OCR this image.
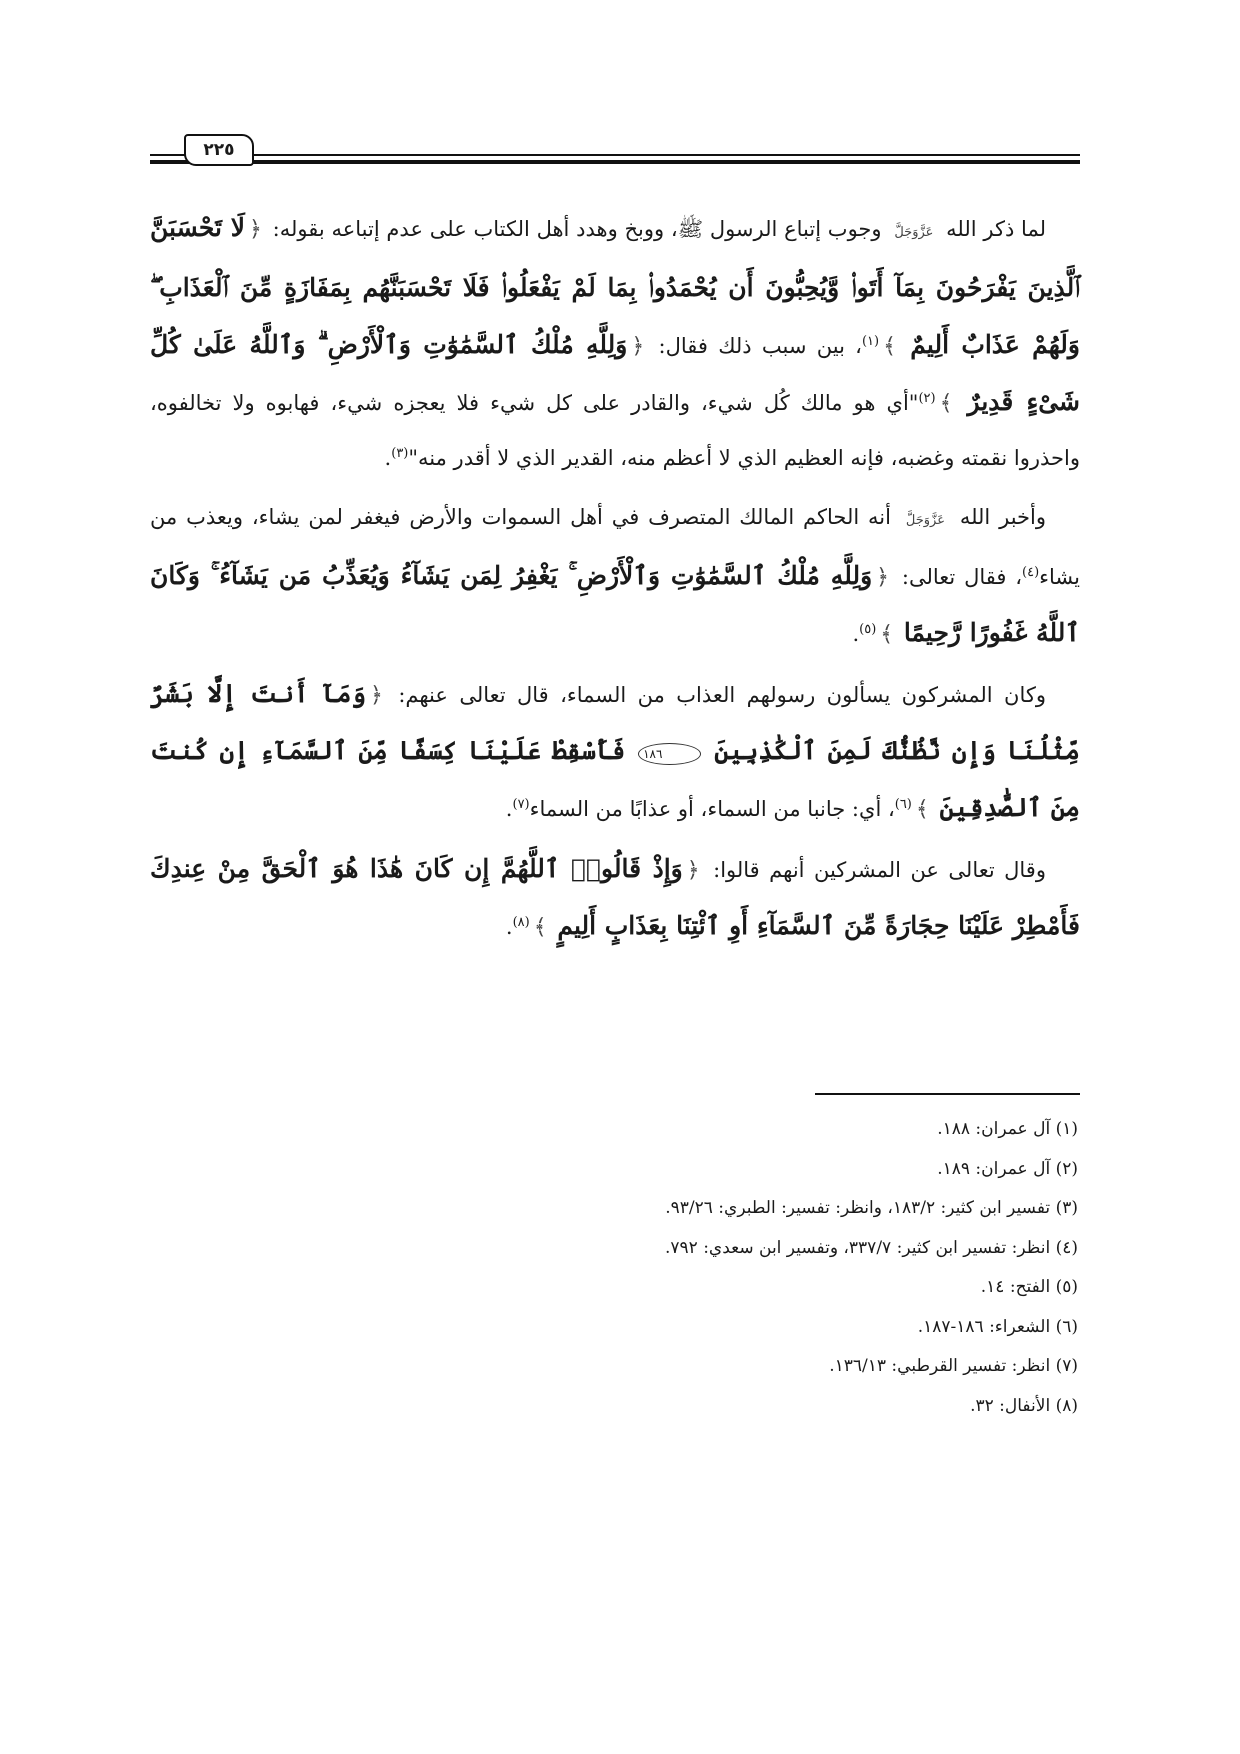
٢٢٥

لما ذكر الله عَزَّوَجَلَّ وجوب إتباع الرسول ﷺ، ووبخ وهدد أهل الكتاب على عدم إتباعه بقوله: ﴿لَا تَحْسَبَنَّ ٱلَّذِينَ يَفْرَحُونَ بِمَآ أَتَوا۟ وَّيُحِبُّونَ أَن يُحْمَدُوا۟ بِمَا لَمْ يَفْعَلُوا۟ فَلَا تَحْسَبَنَّهُم بِمَفَازَةٍ مِّنَ ٱلْعَذَابِ ۖ وَلَهُمْ عَذَابٌ أَلِيمٌ ﴾$^{(١)}$، بين سبب ذلك فقال: ﴿وَلِلَّهِ مُلْكُ ٱلسَّمَٰوَٰتِ وَٱلْأَرْضِ ۗ وَٱللَّهُ عَلَىٰ كُلِّ شَىْءٍ قَدِيرٌ ﴾$^{(٢)}$"أي هو مالك كُل شيء، والقادر على كل شيء فلا يعجزه شيء، فهابوه ولا تخالفوه، واحذروا نقمته وغضبه، فإنه العظيم الذي لا أعظم منه، القدير الذي لا أقدر منه"$^{(٣)}$.

وأخبر الله عَزَّوَجَلَّ أنه الحاكم المالك المتصرف في أهل السموات والأرض فيغفر لمن يشاء، ويعذب من يشاء$^{(٤)}$، فقال تعالى: ﴿وَلِلَّهِ مُلْكُ ٱلسَّمَٰوَٰتِ وَٱلْأَرْضِ ۚ يَغْفِرُ لِمَن يَشَآءُ وَيُعَذِّبُ مَن يَشَآءُ ۚ وَكَانَ ٱللَّهُ غَفُورًا رَّحِيمًا ﴾$^{(٥)}$.

وكان المشركون يسألون رسولهم العذاب من السماء، قال تعالى عنهم: ﴿وَمَآ أَنتَ إِلَّا بَشَرٌ مِّثْلُنَا وَإِن نَّظُنُّكَ لَمِنَ ٱلْكَٰذِبِينَ ١٨٦ فَأَسْقِطْ عَلَيْنَا كِسَفًا مِّنَ ٱلسَّمَآءِ إِن كُنتَ مِنَ ٱلصَّٰدِقِينَ ﴾$^{(٦)}$، أي: جانبا من السماء، أو عذابًا من السماء$^{(٧)}$.

وقال تعالى عن المشركين أنهم قالوا: ﴿وَإِذْ قَالُوا۟ ٱللَّهُمَّ إِن كَانَ هَٰذَا هُوَ ٱلْحَقَّ مِنْ عِندِكَ فَأَمْطِرْ عَلَيْنَا حِجَارَةً مِّنَ ٱلسَّمَآءِ أَوِ ٱئْتِنَا بِعَذَابٍ أَلِيمٍ ﴾$^{(٨)}$.

(١) آل عمران: ١٨٨.
(٢) آل عمران: ١٨٩.
(٣) تفسير ابن كثير: ١٨٣/٢، وانظر: تفسير: الطبري: ٩٣/٢٦.
(٤) انظر: تفسير ابن كثير: ٣٣٧/٧، وتفسير ابن سعدي: ٧٩٢.
(٥) الفتح: ١٤.
(٦) الشعراء: ١٨٦-١٨٧.
(٧) انظر: تفسير القرطبي: ١٣٦/١٣.
(٨) الأنفال: ٣٢.
